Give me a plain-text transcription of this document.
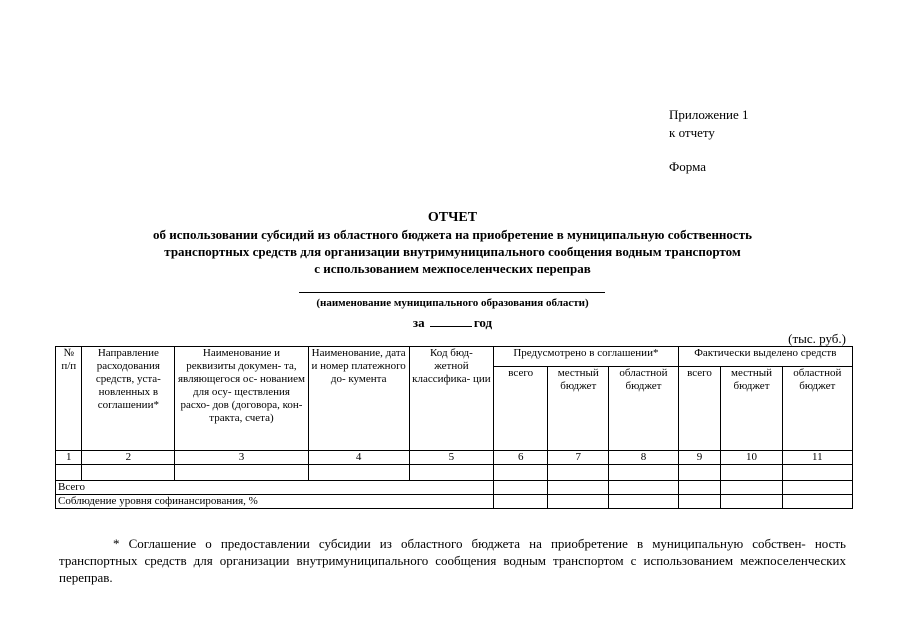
Приложение 1
к отчету
Форма
ОТЧЕТ
об использовании субсидий из областного бюджета на приобретение в муниципальную собственность
транспортных средств для организации внутримуниципального сообщения водным транспортом
с использованием межпоселенческих переправ
(наименование муниципального образования области)
за	год
(тыс. руб.)
№ п/п	Направление расходования средств, уста- новленных в соглашении*	Наименование и реквизиты докумен- та, являющегося ос- нованием для осу- ществления расхо- дов (договора, кон- тракта, счета)	Наименование, дата и номер платежного до- кумента	Код бюд- жетной классифика- ции	Предусмотрено в соглашении*			Фактически выделено средств		
					всего	местный бюджет	областной бюджет	всего	местный бюджет	областной бюджет
1	2	3	4	5	6	7	8	9	10	11

Всего										
Соблюдение уровня софинансирования, %										
* Соглашение о предоставлении субсидии из областного бюджета на приобретение в муниципальную собствен- ность транспортных средств для организации внутримуниципального сообщения водным транспортом с использованием межпоселенческих переправ.
